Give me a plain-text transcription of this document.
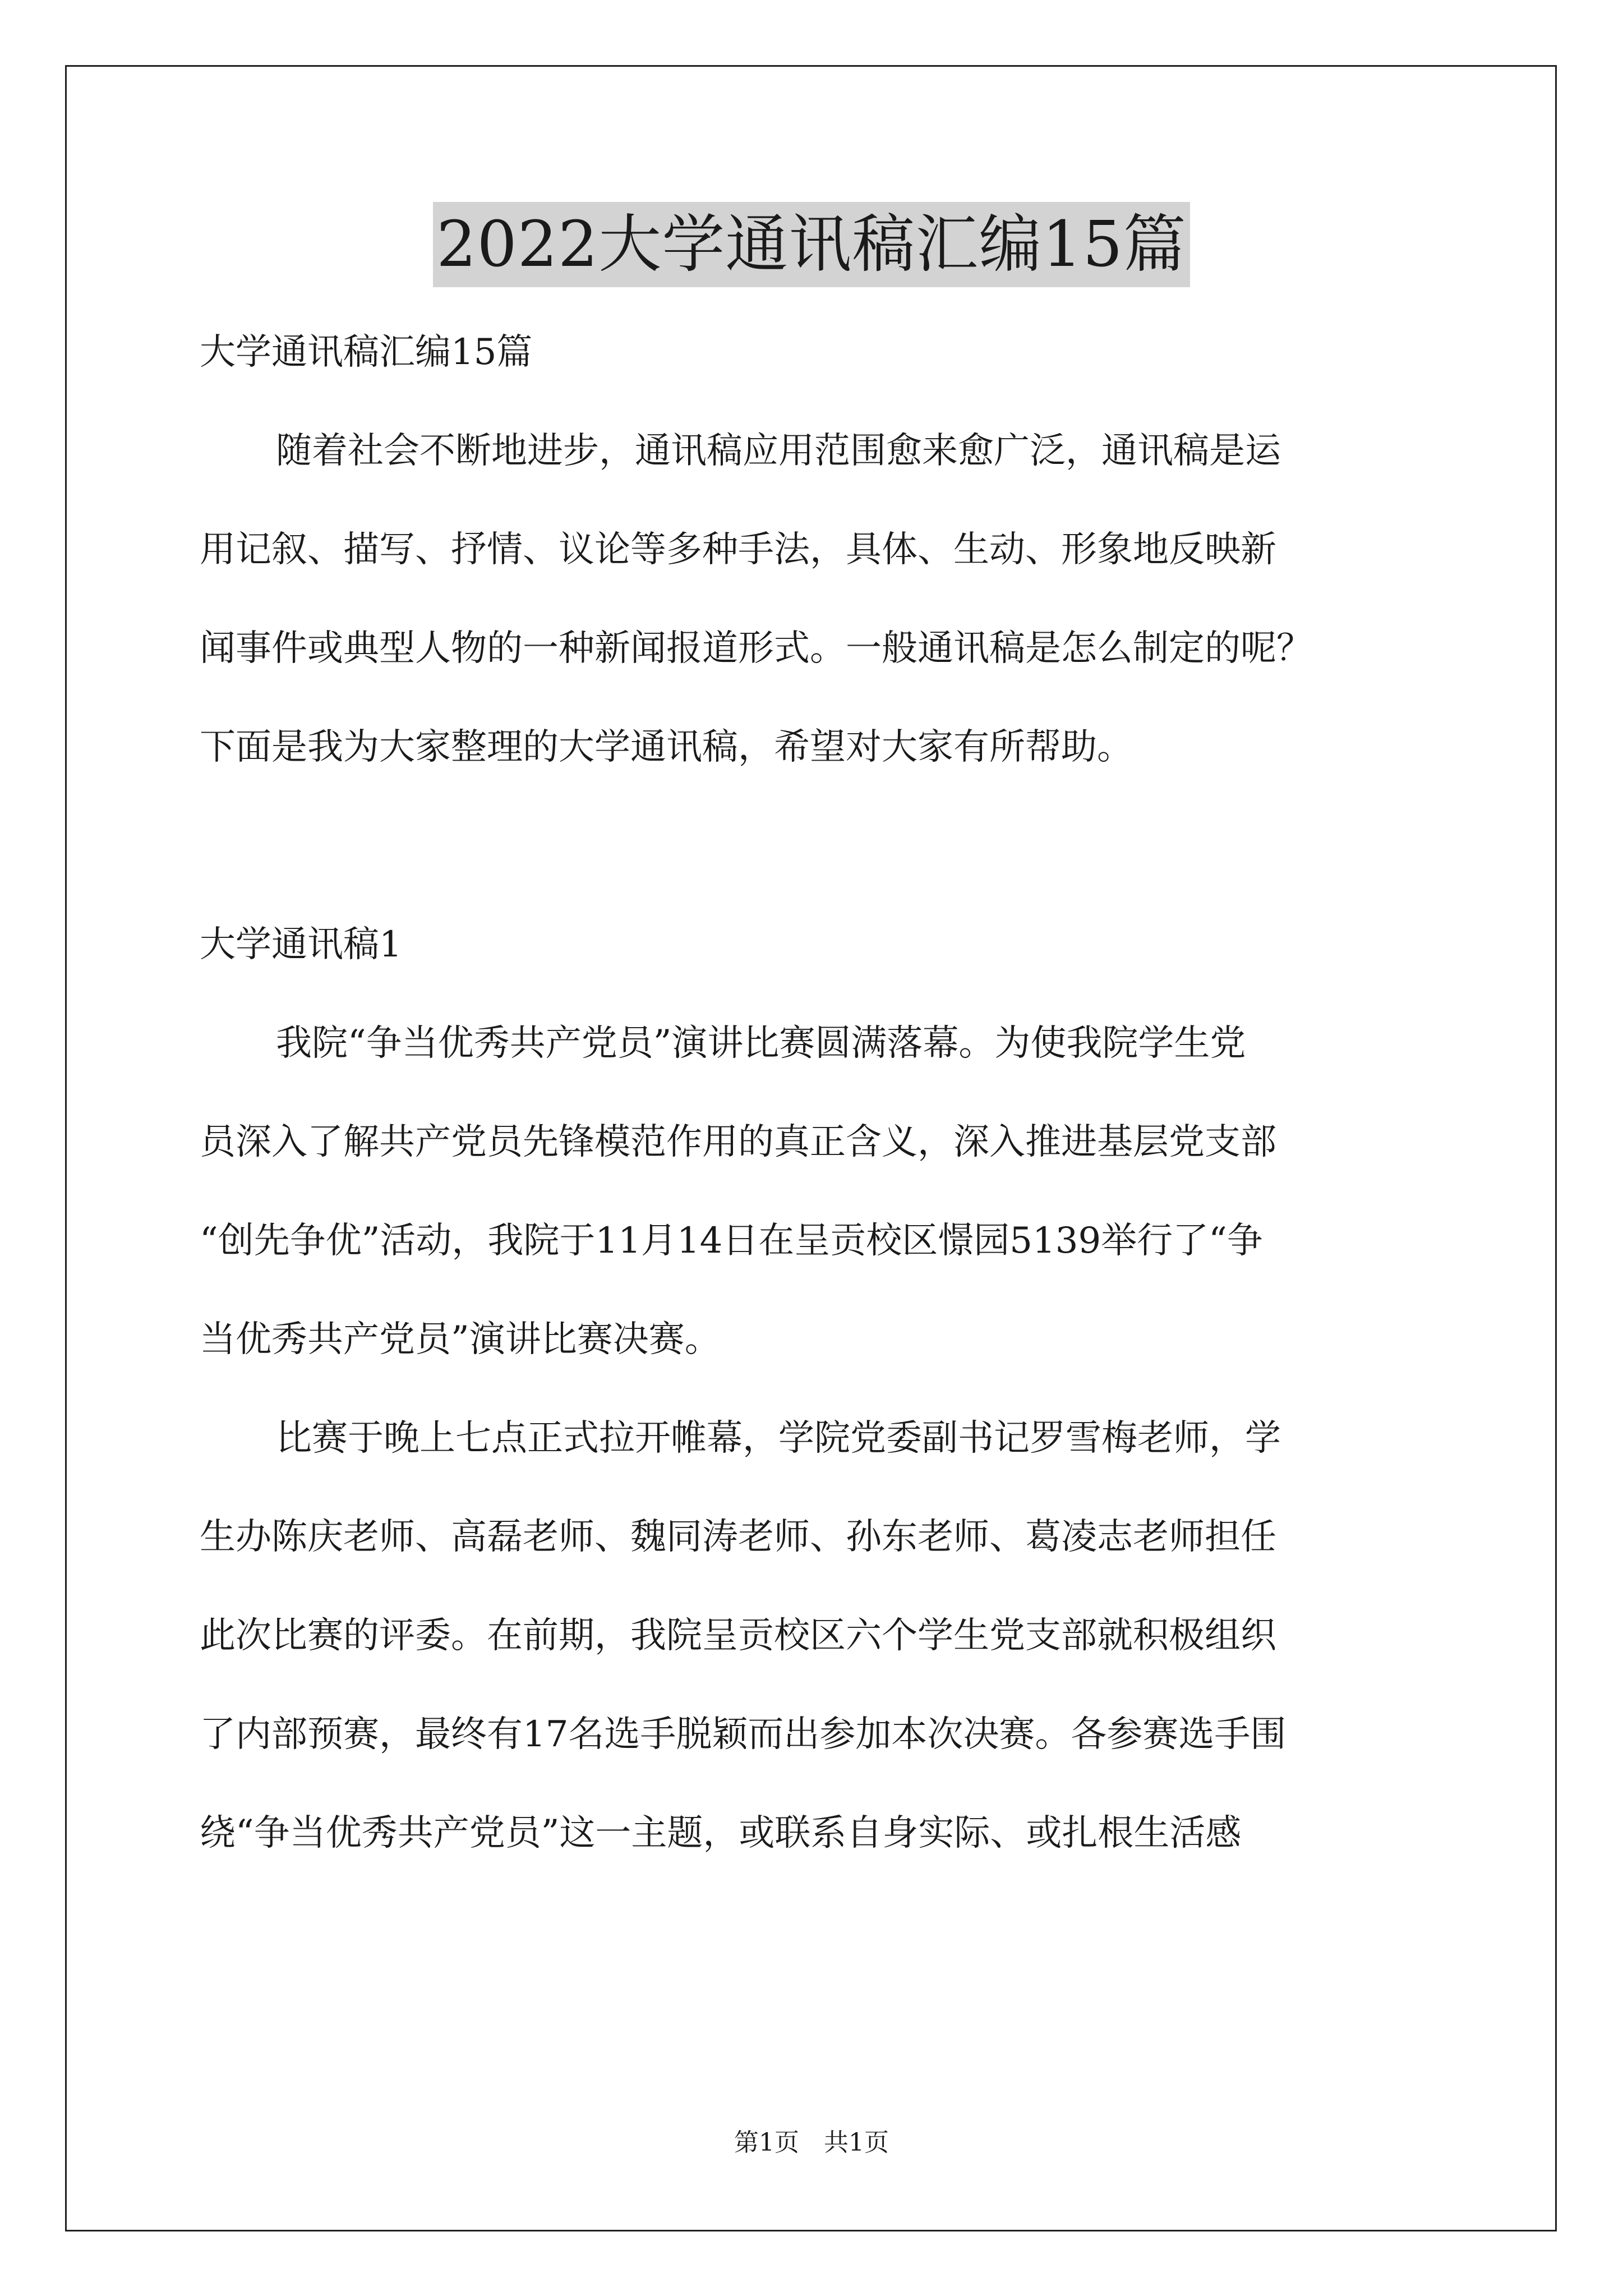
2022大学通讯稿汇编15篇
大学通讯稿汇编15篇
随着社会不断地进步，通讯稿应用范围愈来愈广泛，通讯稿是运
用记叙、描写、抒情、议论等多种手法，具体、生动、形象地反映新
闻事件或典型人物的一种新闻报道形式。一般通讯稿是怎么制定的呢？
下面是我为大家整理的大学通讯稿，希望对大家有所帮助。
大学通讯稿1
我院“争当优秀共产党员”演讲比赛圆满落幕。为使我院学生党
员深入了解共产党员先锋模范作用的真正含义，深入推进基层党支部
“创先争优”活动，我院于11月14日在呈贡校区憬园5139举行了“争
当优秀共产党员”演讲比赛决赛。
比赛于晚上七点正式拉开帷幕，学院党委副书记罗雪梅老师，学
生办陈庆老师、高磊老师、魏同涛老师、孙东老师、葛凌志老师担任
此次比赛的评委。在前期，我院呈贡校区六个学生党支部就积极组织
了内部预赛，最终有17名选手脱颖而出参加本次决赛。各参赛选手围
绕“争当优秀共产党员”这一主题，或联系自身实际、或扎根生活感
第1页　共1页
